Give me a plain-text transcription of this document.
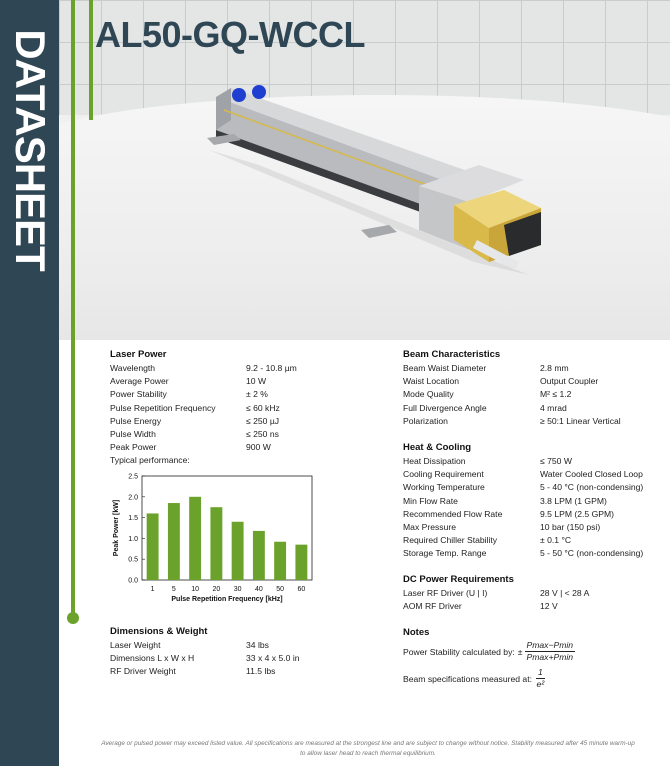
DATASHEET AL50-GQ-WCCL
Laser Power
Wavelength	9.2 - 10.8 µm
Average Power	10 W
Power Stability	± 2 %
Pulse Repetition Frequency	≤ 60 kHz
Pulse Energy	≤ 250 µJ
Pulse Width	≤ 250 ns
Peak Power	900 W
Typical performance:
0.0
0.5
1.0
1.5
2.0
2.5
1 5 10 20 30 40 50 60
Pulse Repetition Frequency [kHz]
Peak Power [kW]
Dimensions & Weight
Laser Weight	34 lbs
Dimensions L x W x H	33 x 4 x 5.0 in
RF Driver Weight	11.5 lbs
Beam Characteristics
Beam Waist Diameter	2.8 mm
Waist Location	Output Coupler
Mode Quality	M² ≤ 1.2
Full Divergence Angle	4 mrad
Polarization	≥ 50:1 Linear Vertical
Heat & Cooling
Heat Dissipation	≤ 750 W
Cooling Requirement	Water Cooled Closed Loop
Working Temperature	5 - 40 °C (non-condensing)
Min Flow Rate	3.8 LPM (1 GPM)
Recommended Flow Rate	9.5 LPM (2.5 GPM)
Max Pressure	10 bar (150 psi)
Required Chiller Stability	± 0.1 °C
Storage Temp. Range	5 - 50 °C (non-condensing)
DC Power Requirements
Laser RF Driver (U | I)	28 V | < 28 A
AOM RF Driver	12 V
Notes
Power Stability calculated by: ± $\frac{Pmax-Pmin}{Pmax+Pmin}$
Beam specifications measured at: $\frac{1}{\text{e²}}$
Average or pulsed power may exceed listed value. All specifications are measured at the strongest line and are subject to change without notice. Stability measured after 45 minute warm-up to allow laser head to reach thermal equilibrium.
